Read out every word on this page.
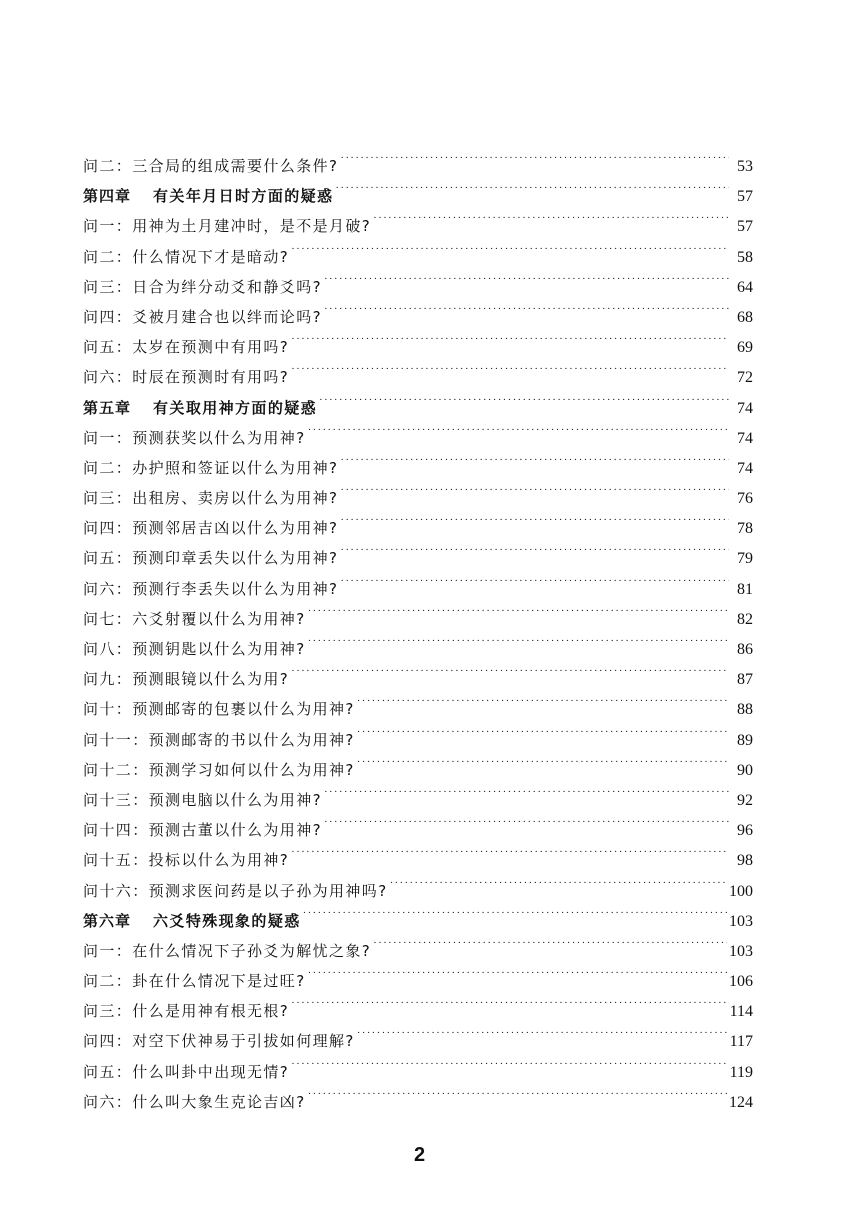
问二：三合局的组成需要什么条件? ·····	53
第四章 有关年月日时方面的疑惑 ·····	57
问一：用神为土月建冲时，是不是月破? ·····	57
问二：什么情况下才是暗动? ·····	58
问三：日合为绊分动爻和静爻吗? ·····	64
问四：爻被月建合也以绊而论吗? ·····	68
问五：太岁在预测中有用吗? ·····	69
问六：时辰在预测时有用吗? ·····	72
第五章 有关取用神方面的疑惑 ·····	74
问一：预测获奖以什么为用神? ·····	74
问二：办护照和签证以什么为用神? ·····	74
问三：出租房、卖房以什么为用神? ·····	76
问四：预测邻居吉凶以什么为用神? ·····	78
问五：预测印章丢失以什么为用神? ·····	79
问六：预测行李丢失以什么为用神? ·····	81
问七：六爻射覆以什么为用神? ·····	82
问八：预测钥匙以什么为用神? ·····	86
问九：预测眼镜以什么为用? ·····	87
问十：预测邮寄的包裹以什么为用神? ·····	88
问十一：预测邮寄的书以什么为用神? ·····	89
问十二：预测学习如何以什么为用神? ·····	90
问十三：预测电脑以什么为用神? ·····	92
问十四：预测古董以什么为用神? ·····	96
问十五：投标以什么为用神? ·····	98
问十六：预测求医问药是以子孙为用神吗? ·····	100
第六章 六爻特殊现象的疑惑 ·····	103
问一：在什么情况下子孙爻为解忧之象? ·····	103
问二：卦在什么情况下是过旺? ·····	106
问三：什么是用神有根无根? ·····	114
问四：对空下伏神易于引拔如何理解? ·····	117
问五：什么叫卦中出现无情? ·····	119
问六：什么叫大象生克论吉凶? ·····	124
2
